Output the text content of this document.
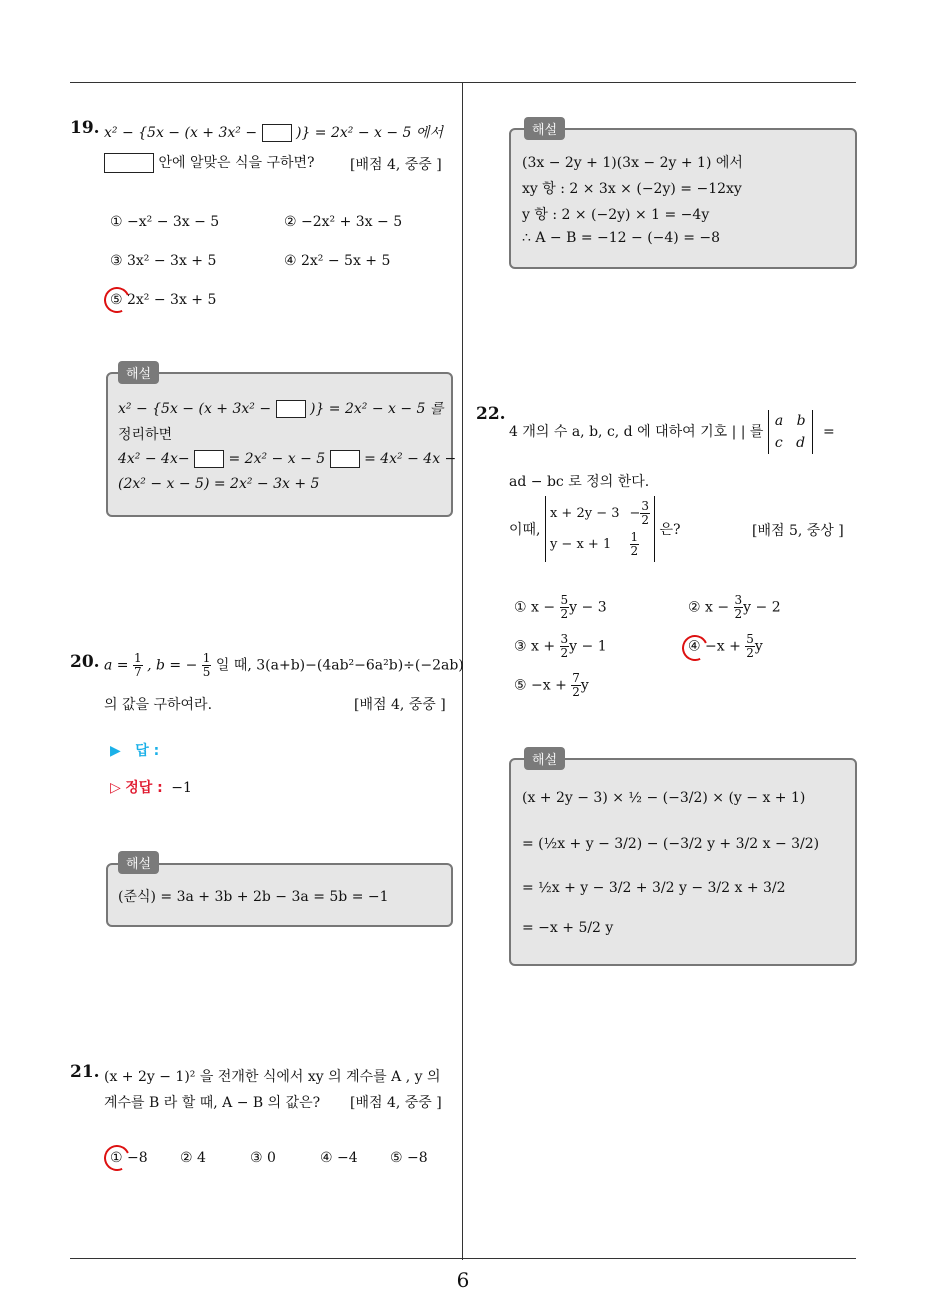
19. x² − {5x − (x + 3x² −	)} = 2x² − x − 5 에서
안에 알맞은 식을 구하면?	[배점 4, 중중 ]
① −x² − 3x − 5	② −2x² + 3x − 5
③ 3x² − 3x + 5	④ 2x² − 5x + 5
⑤ 2x² − 3x + 5
해설
x² − {5x − (x + 3x² −	)} = 2x² − x − 5 를
정리하면
4x² − 4x−	= 2x² − x − 5	= 4x² − 4x −
(2x² − x − 5) = 2x² − 3x + 5
20. $a = \frac{1}{7}$ , b = − $\frac{1}{5}$ 일 때, 3(a+b)−(4ab²−6a²b)÷(−2ab)
의 값을 구하여라.	[배점 4, 중중 ]
▶ 답 :
▷ 정답 : −1
해설
(준식) = 3a + 3b + 2b − 3a = 5b = −1
21. (x + 2y − 1)² 을 전개한 식에서 xy 의 계수를 A , y 의
계수를 B 라 할 때, A − B 의 값은? [배점 4, 중중 ]
① −8 ② 4	③ 0	④ −4 ⑤ −8
해설
(3x − 2y + 1)(3x − 2y + 1) 에서
xy 항 : 2 × 3x × (−2y) = −12xy
y 항 : 2 × (−2y) × 1 = −4y
∴ A − B = −12 − (−4) = −8
22.
4 개의 수 a, b, c, d 에 대하여 기호 | | 를 a b
c d =
ad − bc 로 정의 한다.
이때,
x + 2y − 3	− $\frac{3}{2}$

y − x + 1	$\frac{1}{2}$
은?	[배점 5, 중상 ]
① $x - \frac{5}{2}$ y − 3	② $x - \frac{3}{2}$ y − 2
③ $x + \frac{3}{2}$ y − 1	④ $-x + \frac{5}{2}$ y
⑤ $-x + \frac{7}{2}$ y
해설
(x + 2y − 3) × ½ − (−3/2) × (y − x + 1)
= (½x + y − 3/2) − (−3/2 y + 3/2 x − 3/2)
= ½x + y − 3/2 + 3/2 y − 3/2 x + 3/2
= −x + 5/2 y
6
